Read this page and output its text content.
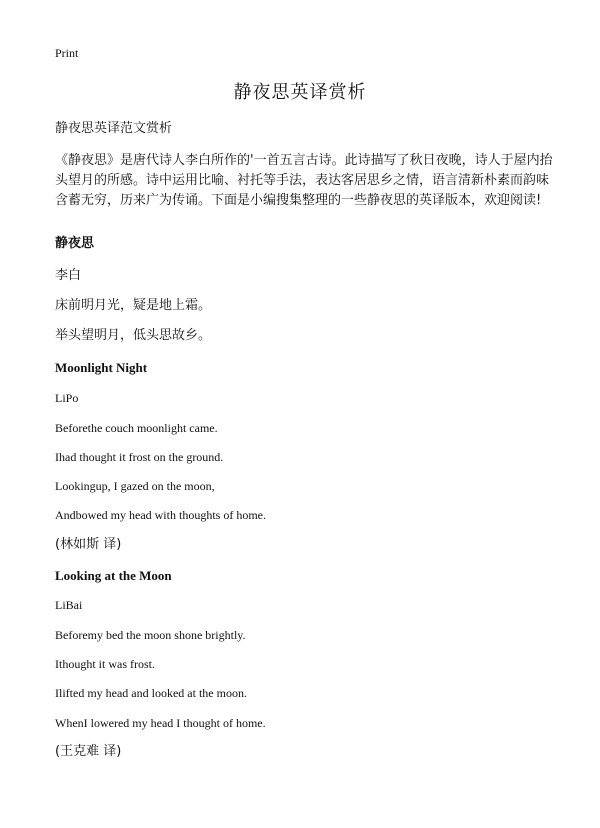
Print
静夜思英译赏析

静夜思英译范文赏析

《静夜思》是唐代诗人李白所作的'一首五言古诗。此诗描写了秋日夜晚，诗人于屋内抬头望月的所感。诗中运用比喻、衬托等手法，表达客居思乡之情，语言清新朴素而韵味含蓄无穷，历来广为传诵。下面是小编搜集整理的一些静夜思的英译版本，欢迎阅读!

静夜思

李白

床前明月光，疑是地上霜。

举头望明月，低头思故乡。

Moonlight Night

LiPo

Beforethe couch moonlight came.

Ihad thought it frost on the ground.

Lookingup, I gazed on the moon,

Andbowed my head with thoughts of home.

(林如斯 译)

Looking at the Moon

LiBai

Beforemy bed the moon shone brightly.

Ithought it was frost.

Ilifted my head and looked at the moon.

WhenI lowered my head I thought of home.

(王克难 译)
